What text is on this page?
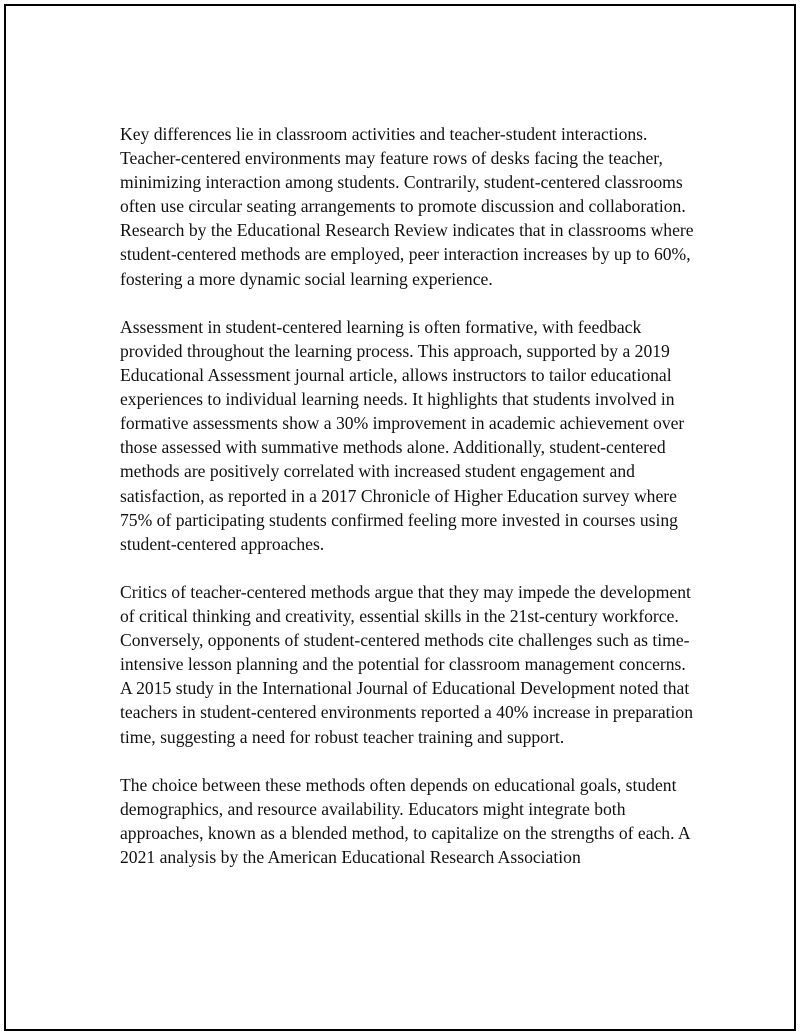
Key differences lie in classroom activities and teacher-student interactions. Teacher-centered environments may feature rows of desks facing the teacher, minimizing interaction among students. Contrarily, student-centered classrooms often use circular seating arrangements to promote discussion and collaboration. Research by the Educational Research Review indicates that in classrooms where student-centered methods are employed, peer interaction increases by up to 60%, fostering a more dynamic social learning experience.

Assessment in student-centered learning is often formative, with feedback provided throughout the learning process. This approach, supported by a 2019 Educational Assessment journal article, allows instructors to tailor educational experiences to individual learning needs. It highlights that students involved in formative assessments show a 30% improvement in academic achievement over those assessed with summative methods alone. Additionally, student-centered methods are positively correlated with increased student engagement and satisfaction, as reported in a 2017 Chronicle of Higher Education survey where 75% of participating students confirmed feeling more invested in courses using student-centered approaches.

Critics of teacher-centered methods argue that they may impede the development of critical thinking and creativity, essential skills in the 21st-century workforce. Conversely, opponents of student-centered methods cite challenges such as time-intensive lesson planning and the potential for classroom management concerns. A 2015 study in the International Journal of Educational Development noted that teachers in student-centered environments reported a 40% increase in preparation time, suggesting a need for robust teacher training and support.

The choice between these methods often depends on educational goals, student demographics, and resource availability. Educators might integrate both approaches, known as a blended method, to capitalize on the strengths of each. A 2021 analysis by the American Educational Research Association
